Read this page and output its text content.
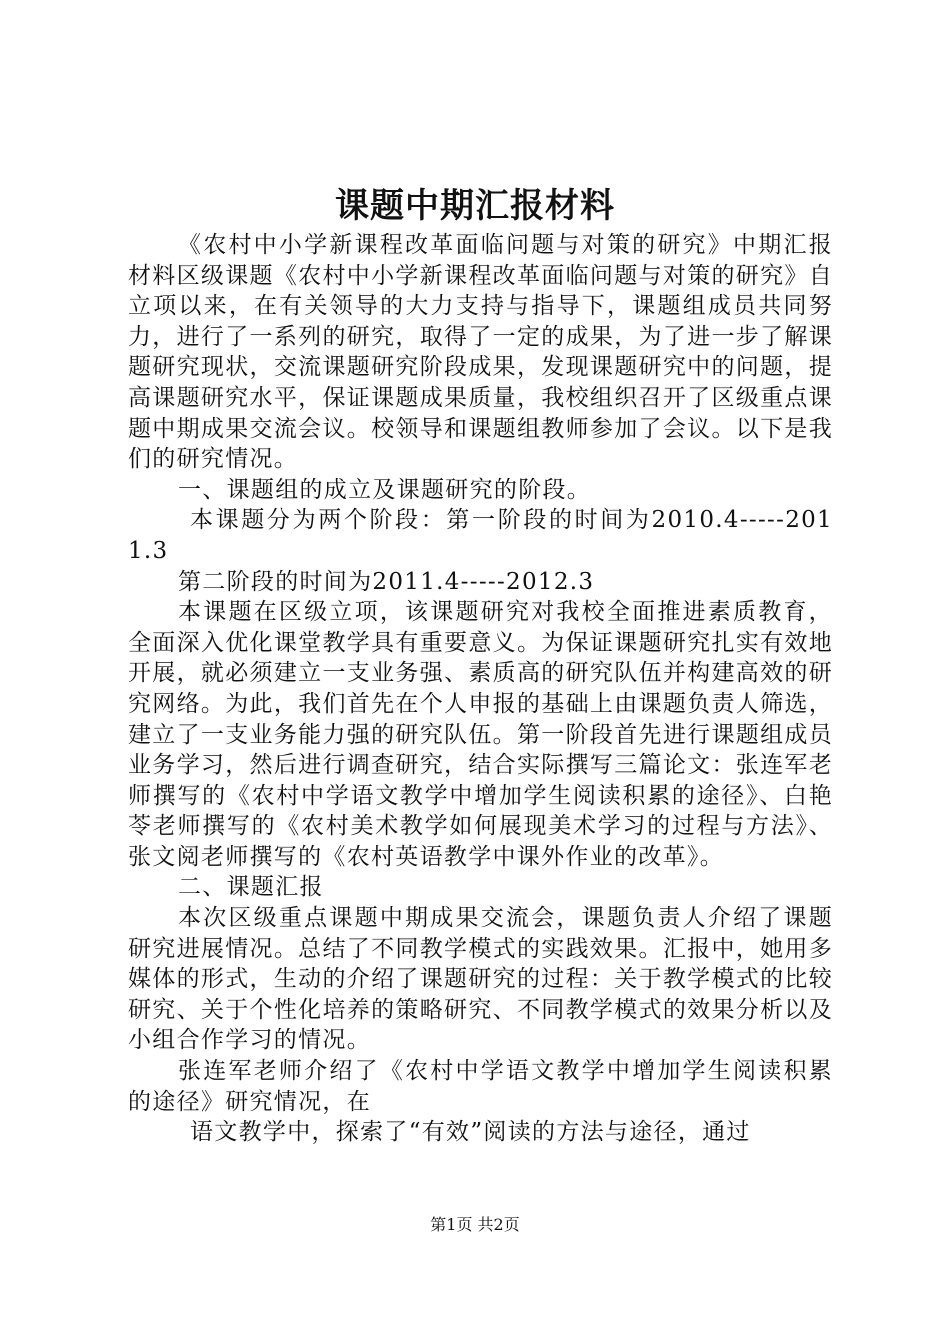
课题中期汇报材料

《农村中小学新课程改革面临问题与对策的研究》中期汇报材料区级课题《农村中小学新课程改革面临问题与对策的研究》自立项以来，在有关领导的大力支持与指导下，课题组成员共同努力，进行了一系列的研究，取得了一定的成果，为了进一步了解课题研究现状，交流课题研究阶段成果，发现课题研究中的问题，提高课题研究水平，保证课题成果质量，我校组织召开了区级重点课题中期成果交流会议。校领导和课题组教师参加了会议。以下是我们的研究情况。

一、课题组的成立及课题研究的阶段。

本课题分为两个阶段：第一阶段的时间为2010.4-----2011.3

第二阶段的时间为2011.4-----2012.3

本课题在区级立项，该课题研究对我校全面推进素质教育，全面深入优化课堂教学具有重要意义。为保证课题研究扎实有效地开展，就必须建立一支业务强、素质高的研究队伍并构建高效的研究网络。为此，我们首先在个人申报的基础上由课题负责人筛选，建立了一支业务能力强的研究队伍。第一阶段首先进行课题组成员业务学习，然后进行调查研究，结合实际撰写三篇论文：张连军老师撰写的《农村中学语文教学中增加学生阅读积累的途径》、白艳苓老师撰写的《农村美术教学如何展现美术学习的过程与方法》、张文阅老师撰写的《农村英语教学中课外作业的改革》。

二、课题汇报

本次区级重点课题中期成果交流会，课题负责人介绍了课题研究进展情况。总结了不同教学模式的实践效果。汇报中，她用多媒体的形式，生动的介绍了课题研究的过程：关于教学模式的比较研究、关于个性化培养的策略研究、不同教学模式的效果分析以及小组合作学习的情况。

张连军老师介绍了《农村中学语文教学中增加学生阅读积累的途径》研究情况，在

语文教学中，探索了“有效”阅读的方法与途径，通过

第1页 共2页
